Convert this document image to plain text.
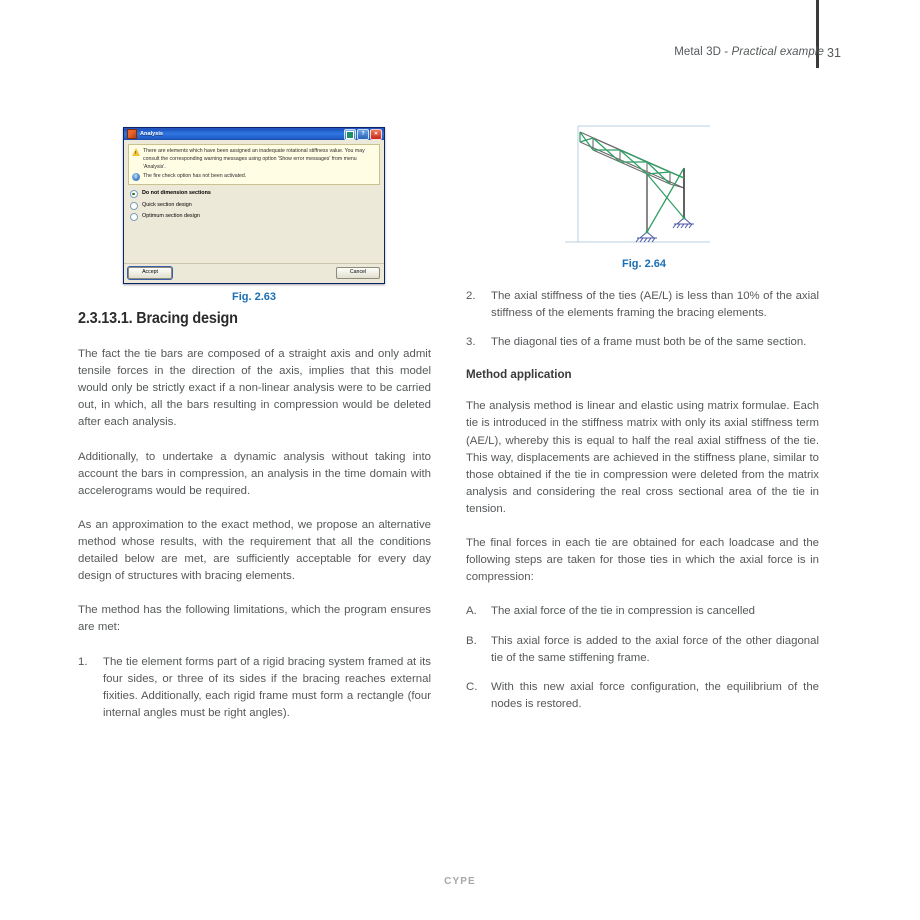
Metal 3D - Practical example 31
Analysis	?	✕
!
There are elements which have been assigned an inadequate rotational stiffness value. You may consult the corresponding warning messages using option 'Show error messages' from menu 'Analysis'.
i	The fire check option has not been activated.
Do not dimension sections
Quick section design
Optimum section design
Accept	Cancel
Fig. 2.63
Fig. 2.64
2.3.13.1. Bracing design

The fact the tie bars are composed of a straight axis and only admit tensile forces in the direction of the axis, implies that this model would only be strictly exact if a non-linear analysis were to be carried out, in which, all the bars resulting in compression would be deleted after each analysis.

Additionally, to undertake a dynamic analysis without taking into account the bars in compression, an analysis in the time domain with accelerograms would be required.

As an approximation to the exact method, we propose an alternative method whose results, with the requirement that all the conditions detailed below are met, are sufficiently acceptable for every day design of structures with bracing elements.

The method has the following limitations, which the program ensures are met:

1. The tie element forms part of a rigid bracing system framed at its four sides, or three of its sides if the bracing reaches external fixities. Additionally, each rigid frame must form a rectangle (four internal angles must be right angles).
2. The axial stiffness of the ties (AE/L) is less than 10% of the axial stiffness of the elements framing the bracing elements.
3. The diagonal ties of a frame must both be of the same section.
Method application

The analysis method is linear and elastic using matrix formulae. Each tie is introduced in the stiffness matrix with only its axial stiffness term (AE/L), whereby this is equal to half the real axial stiffness of the tie. This way, displacements are achieved in the stiffness plane, similar to those obtained if the tie in compression were deleted from the matrix analysis and considering the real cross sectional area of the tie in tension.

The final forces in each tie are obtained for each loadcase and the following steps are taken for those ties in which the axial force is in compression:

A. The axial force of the tie in compression is cancelled
B. This axial force is added to the axial force of the other diagonal tie of the same stiffening frame.
C. With this new axial force configuration, the equilibrium of the nodes is restored.
CYPE
